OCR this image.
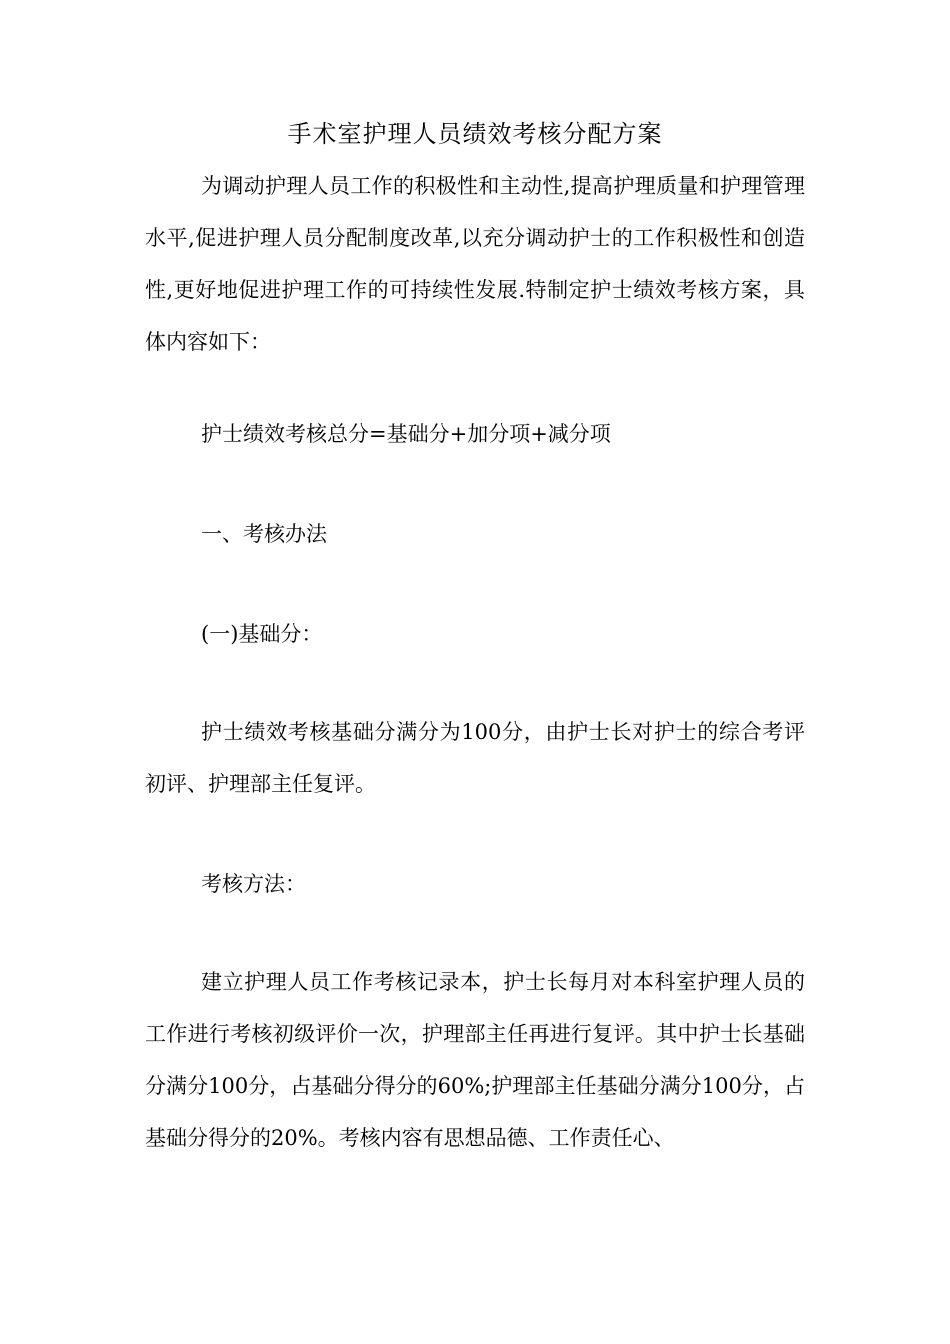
手术室护理人员绩效考核分配方案

为调动护理人员工作的积极性和主动性,提高护理质量和护理管理水平,促进护理人员分配制度改革,以充分调动护士的工作积极性和创造性,更好地促进护理工作的可持续性发展.特制定护士绩效考核方案，具体内容如下：

护士绩效考核总分=基础分+加分项+减分项

一、考核办法

(一)基础分：

护士绩效考核基础分满分为100分，由护士长对护士的综合考评初评、护理部主任复评。

考核方法：

建立护理人员工作考核记录本，护士长每月对本科室护理人员的工作进行考核初级评价一次，护理部主任再进行复评。其中护士长基础分满分100分，占基础分得分的60%;护理部主任基础分满分100分，占基础分得分的20%。考核内容有思想品德、工作责任心、
